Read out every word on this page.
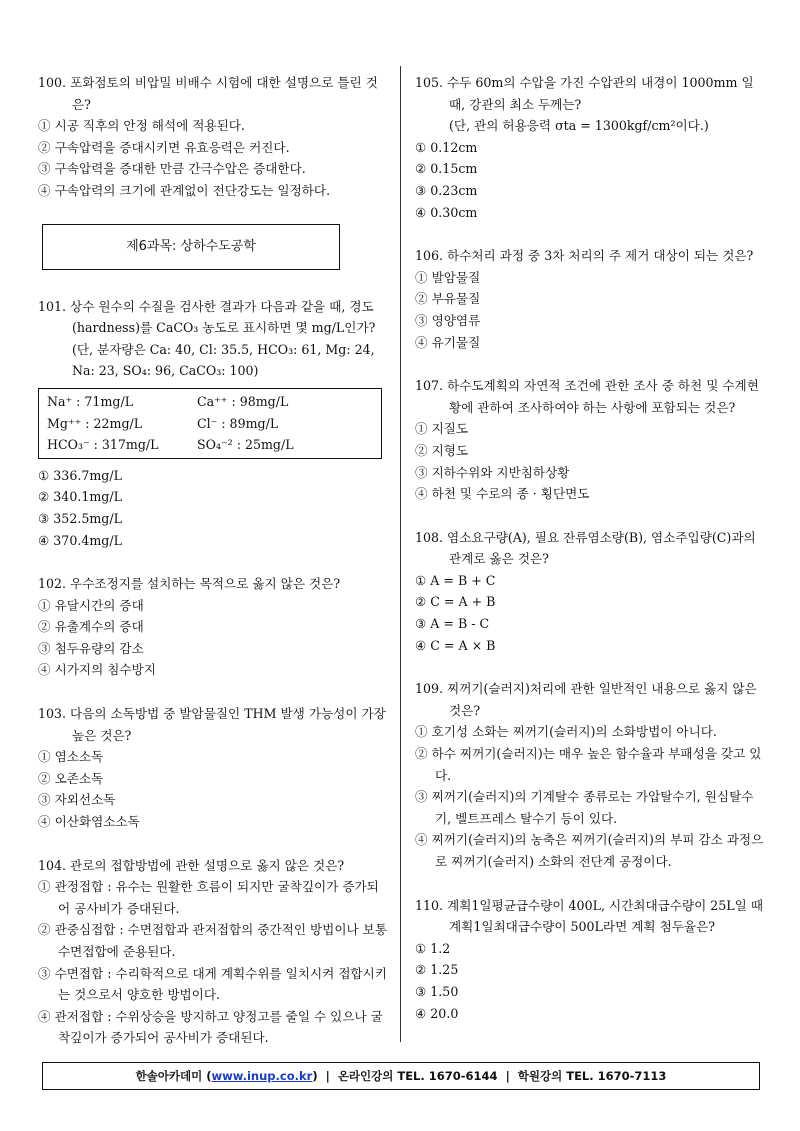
100. 포화점토의 비압밀 비배수 시험에 대한 설명으로 틀린 것은?
① 시공 직후의 안정 해석에 적용된다.
② 구속압력을 증대시키면 유효응력은 커진다.
③ 구속압력을 증대한 만큼 간극수압은 증대한다.
④ 구속압력의 크기에 관계없이 전단강도는 일정하다.
제6과목: 상하수도공학
101. 상수 원수의 수질을 검사한 결과가 다음과 같을 때, 경도(hardness)를 CaCO₃ 농도로 표시하면 몇 mg/L인가?
(단, 분자량은 Ca: 40, Cl: 35.5, HCO₃: 61, Mg: 24, Na: 23, SO₄: 96, CaCO₃: 100)
Na⁺ : 71mg/L	Ca⁺⁺ : 98mg/L
Mg⁺⁺ : 22mg/L	Cl⁻ : 89mg/L
HCO₃⁻ : 317mg/L	SO₄⁻² : 25mg/L
① 336.7mg/L
② 340.1mg/L
③ 352.5mg/L
④ 370.4mg/L
102. 우수조정지를 설치하는 목적으로 옳지 않은 것은?
① 유달시간의 증대
② 유출계수의 증대
③ 첨두유량의 감소
④ 시가지의 침수방지
103. 다음의 소독방법 중 발암물질인 THM 발생 가능성이 가장 높은 것은?
① 염소소독
② 오존소독
③ 자외선소독
④ 이산화염소소독
104. 관로의 접합방법에 관한 설명으로 옳지 않은 것은?
① 관정접합 : 유수는 원활한 흐름이 되지만 굴착깊이가 증가되어 공사비가 증대된다.
② 관중심접합 : 수면접합과 관저접합의 중간적인 방법이나 보통 수면접합에 준용된다.
③ 수면접합 : 수리학적으로 대게 계획수위를 일치시켜 접합시키는 것으로서 양호한 방법이다.
④ 관저접합 : 수위상승을 방지하고 양정고를 줄일 수 있으나 굴착깊이가 증가되어 공사비가 증대된다.
105. 수두 60m의 수압을 가진 수압관의 내경이 1000mm 일 때, 강관의 최소 두께는?
(단, 관의 허용응력 σta = 1300kgf/cm²이다.)
① 0.12cm
② 0.15cm
③ 0.23cm
④ 0.30cm
106. 하수처리 과정 중 3차 처리의 주 제거 대상이 되는 것은?
① 발암물질
② 부유물질
③ 영양염류
④ 유기물질
107. 하수도계획의 자연적 조건에 관한 조사 중 하천 및 수계현황에 관하여 조사하여야 하는 사항에 포함되는 것은?
① 지질도
② 지형도
③ 지하수위와 지반침하상황
④ 하천 및 수로의 종 · 횡단면도
108. 염소요구량(A), 필요 잔류염소량(B), 염소주입량(C)과의 관계로 옳은 것은?
① A = B + C
② C = A + B
③ A = B - C
④ C = A × B
109. 찌꺼기(슬러지)처리에 관한 일반적인 내용으로 옳지 않은 것은?
① 호기성 소화는 찌꺼기(슬러지)의 소화방법이 아니다.
② 하수 찌꺼기(슬러지)는 매우 높은 함수율과 부패성을 갖고 있다.
③ 찌꺼기(슬러지)의 기계탈수 종류로는 가압탈수기, 원심탈수기, 벨트프레스 탈수기 등이 있다.
④ 찌꺼기(슬러지)의 농축은 찌꺼기(슬러지)의 부피 감소 과정으로 찌꺼기(슬러지) 소화의 전단계 공정이다.
110. 계획1일평균급수량이 400L, 시간최대급수량이 25L일 때 계획1일최대급수량이 500L라면 계획 첨두율은?
① 1.2
② 1.25
③ 1.50
④ 20.0
한솔아카데미 ( www.inup.co.kr )
|
온라인강의 TEL. 1670-6144
|
학원강의 TEL. 1670-7113
